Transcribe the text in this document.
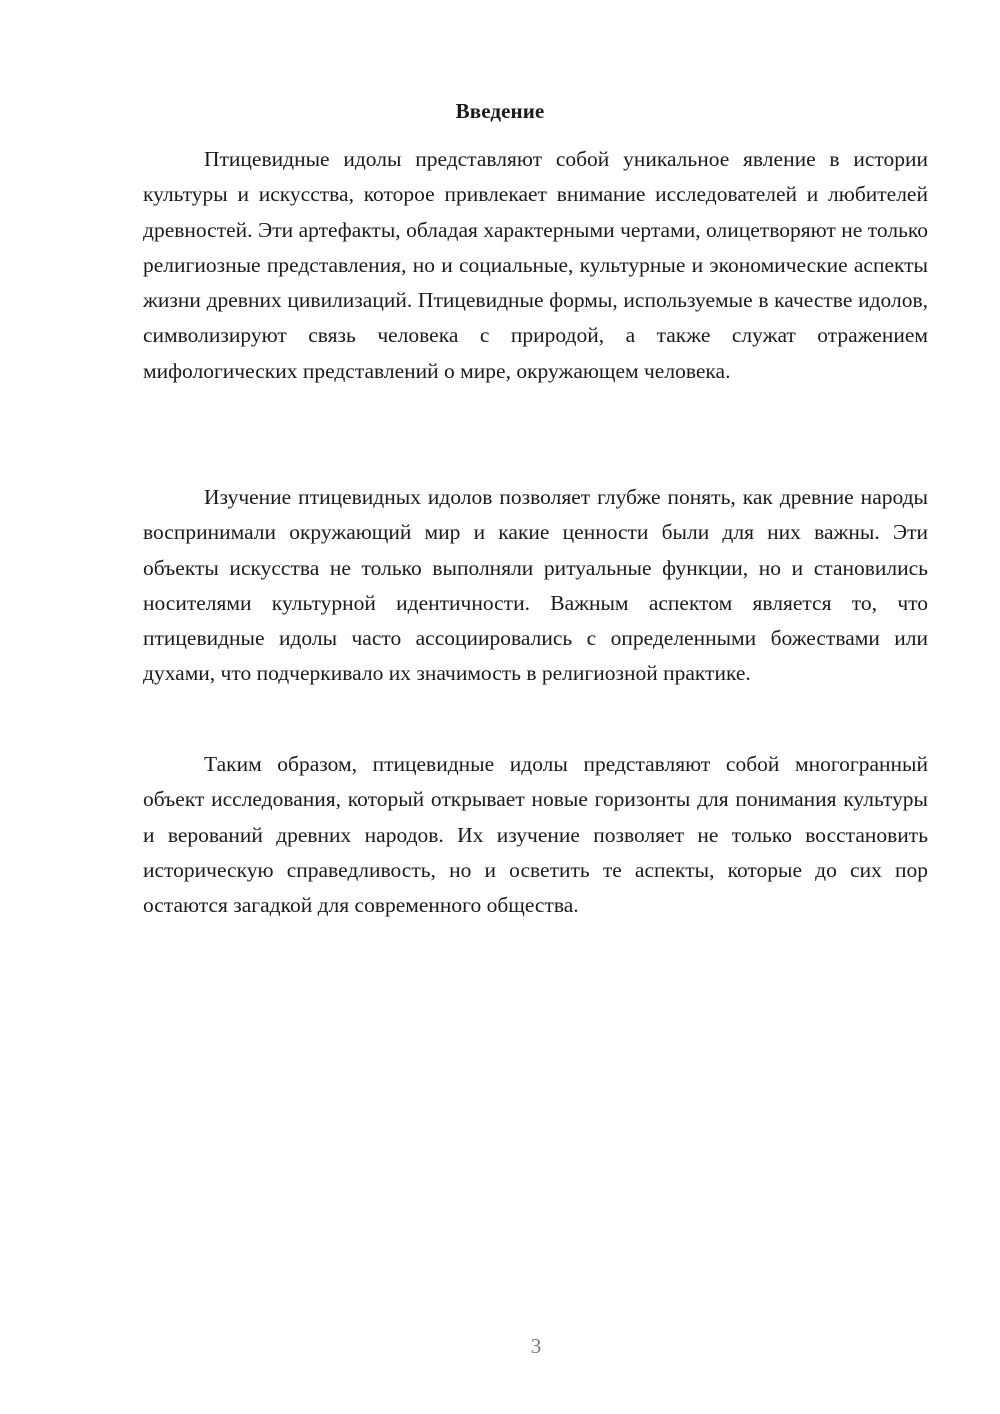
Введение

Птицевидные идолы представляют собой уникальное явление в истории культуры и искусства, которое привлекает внимание исследователей и любителей древностей. Эти артефакты, обладая характерными чертами, олицетворяют не только религиозные представления, но и социальные, культурные и экономические аспекты жизни древних цивилизаций. Птицевидные формы, используемые в качестве идолов, символизируют связь человека с природой, а также служат отражением мифологических представлений о мире, окружающем человека.

Изучение птицевидных идолов позволяет глубже понять, как древние народы воспринимали окружающий мир и какие ценности были для них важны. Эти объекты искусства не только выполняли ритуальные функции, но и становились носителями культурной идентичности. Важным аспектом является то, что птицевидные идолы часто ассоциировались с определенными божествами или духами, что подчеркивало их значимость в религиозной практике.

Таким образом, птицевидные идолы представляют собой многогранный объект исследования, который открывает новые горизонты для понимания культуры и верований древних народов. Их изучение позволяет не только восстановить историческую справедливость, но и осветить те аспекты, которые до сих пор остаются загадкой для современного общества.

3
